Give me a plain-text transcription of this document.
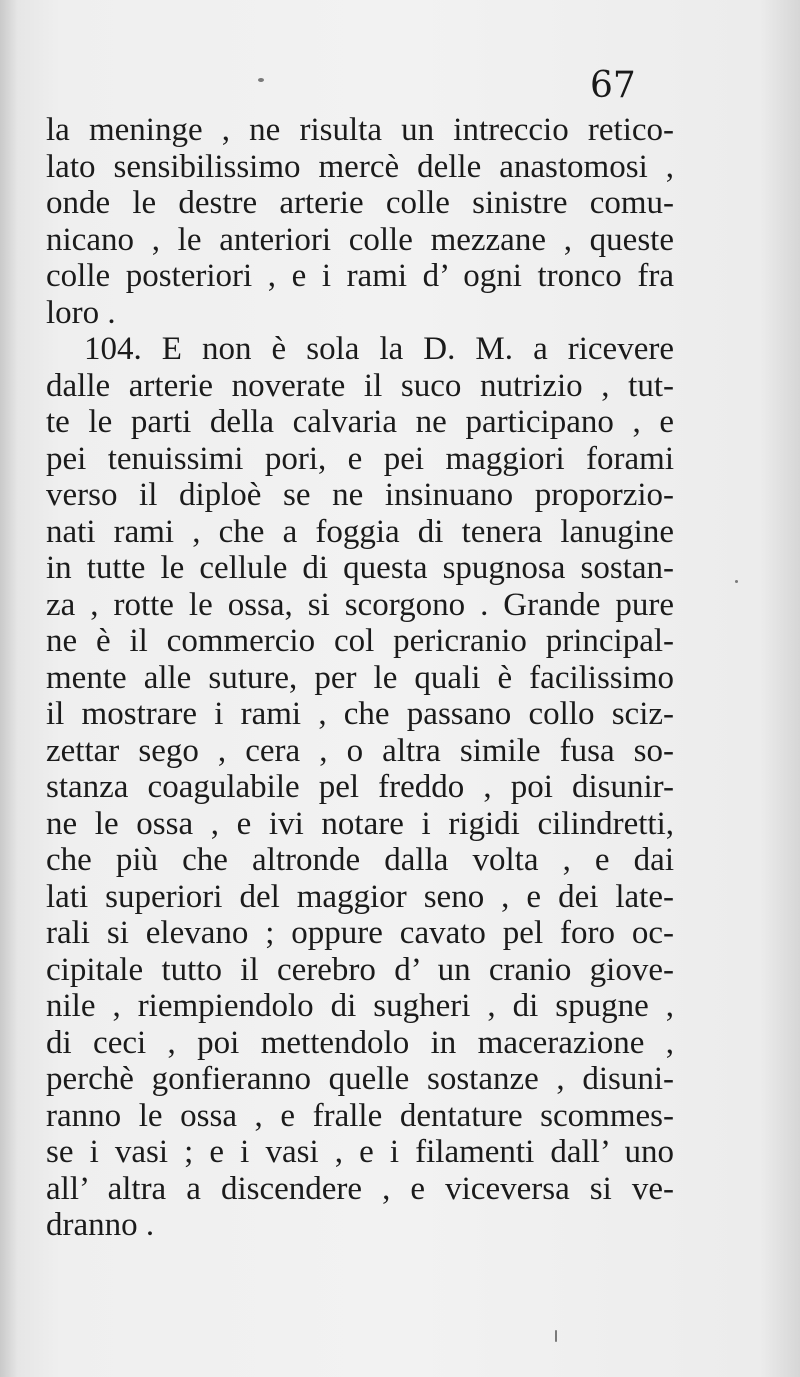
67
la meninge , ne risulta un intreccio retico-
lato sensibilissimo mercè delle anastomosi ,
onde le destre arterie colle sinistre comu-
nicano , le anteriori colle mezzane , queste
colle posteriori , e i rami d’ ogni tronco fra
loro .
104. E non è sola la D. M. a ricevere
dalle arterie noverate il suco nutrizio , tut-
te le parti della calvaria ne participano , e
pei tenuissimi pori, e pei maggiori forami
verso il diploè se ne insinuano proporzio-
nati rami , che a foggia di tenera lanugine
in tutte le cellule di questa spugnosa sostan-
za , rotte le ossa, si scorgono . Grande pure
ne è il commercio col pericranio principal-
mente alle suture, per le quali è facilissimo
il mostrare i rami , che passano collo sciz-
zettar sego , cera , o altra simile fusa so-
stanza coagulabile pel freddo , poi disunir-
ne le ossa , e ivi notare i rigidi cilindretti,
che più che altronde dalla volta , e dai
lati superiori del maggior seno , e dei late-
rali si elevano ; oppure cavato pel foro oc-
cipitale tutto il cerebro d’ un cranio giove-
nile , riempiendolo di sugheri , di spugne ,
di ceci , poi mettendolo in macerazione ,
perchè gonfieranno quelle sostanze , disuni-
ranno le ossa , e fralle dentature scommes-
se i vasi ; e i vasi , e i filamenti dall’ uno
all’ altra a discendere , e viceversa si ve-
dranno .
